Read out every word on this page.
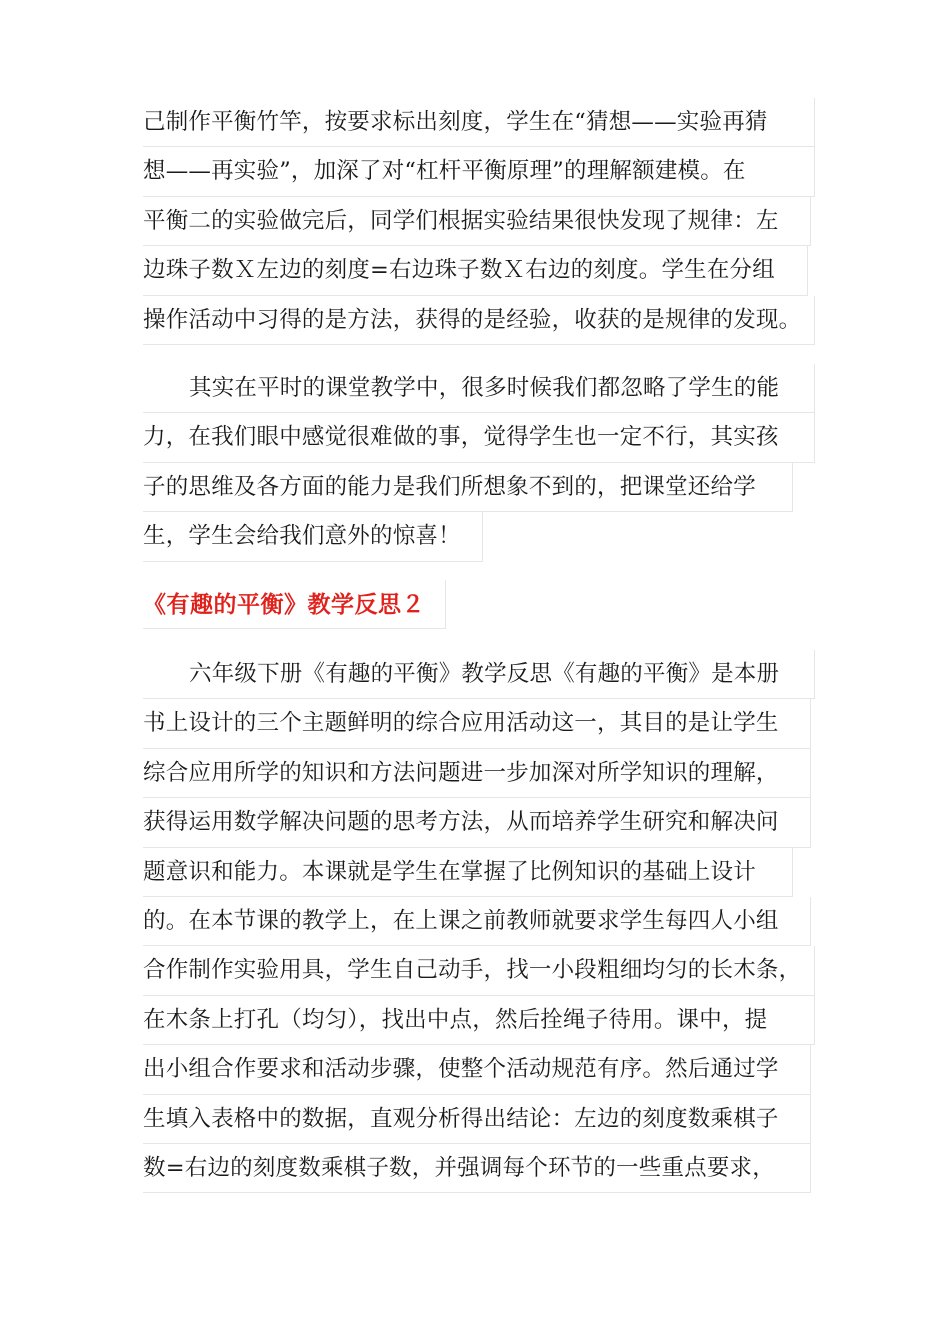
己制作平衡竹竿，按要求标出刻度，学生在“猜想——实验再猜
想——再实验”，加深了对“杠杆平衡原理”的理解额建模。在
平衡二的实验做完后，同学们根据实验结果很快发现了规律：左
边珠子数Ｘ左边的刻度=右边珠子数Ｘ右边的刻度。学生在分组
操作活动中习得的是方法，获得的是经验，收获的是规律的发现。
其实在平时的课堂教学中，很多时候我们都忽略了学生的能
力，在我们眼中感觉很难做的事，觉得学生也一定不行，其实孩
子的思维及各方面的能力是我们所想象不到的，把课堂还给学
生，学生会给我们意外的惊喜！
《有趣的平衡》教学反思２
六年级下册《有趣的平衡》教学反思《有趣的平衡》是本册
书上设计的三个主题鲜明的综合应用活动这一，其目的是让学生
综合应用所学的知识和方法问题进一步加深对所学知识的理解，
获得运用数学解决问题的思考方法，从而培养学生研究和解决问
题意识和能力。本课就是学生在掌握了比例知识的基础上设计
的。在本节课的教学上，在上课之前教师就要求学生每四人小组
合作制作实验用具，学生自己动手，找一小段粗细均匀的长木条，
在木条上打孔（均匀），找出中点，然后拴绳子待用。课中，提
出小组合作要求和活动步骤，使整个活动规范有序。然后通过学
生填入表格中的数据，直观分析得出结论：左边的刻度数乘棋子
数=右边的刻度数乘棋子数，并强调每个环节的一些重点要求，
